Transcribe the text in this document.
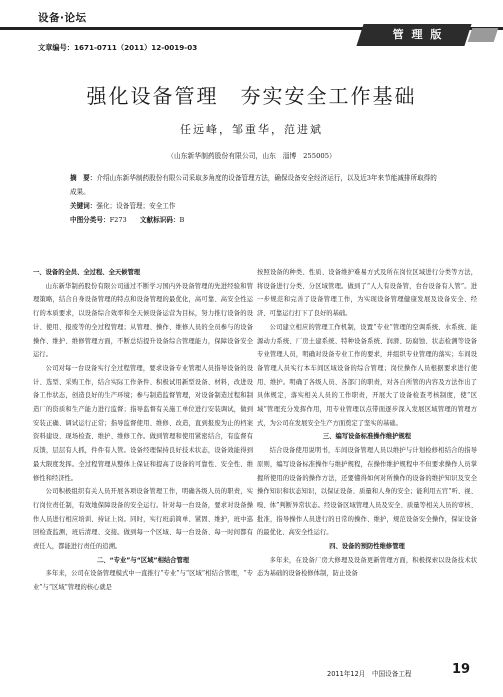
设备·论坛
管 理 版
文章编号：1671-0711（2011）12-0019-03
强化设备管理　夯实安全工作基础
任远峰，邹重华，范进斌
（山东新华制药股份有限公司，山东　淄博　255005）
摘　要：介绍山东新华制药股份有限公司采取多角度的设备管理方法，确保设备安全经济运行，以及近3年来节能减排所取得的成果。
关键词：强化；设备管理；安全工作
中图分类号：F273　　 文献标识码：B

一、设备的全员、全过程、全天候管理

山东新华制药股份有限公司通过不断学习国内外设备管理的先进经验和管理策略，结合自身设备管理的特点和设备管理的最优化，高可靠、高安全性运行的本质要求，以设备综合效率和全天候设备运营为目标，努力推行设备的设计、使用、报废等的全过程管理；从管理、操作、维修人员的全员参与的设备操作、维护、维修管理方面，不断总结提升设备综合管理能力，保障设备安全运行。

公司对每一台设备实行全过程管理，要求设备专业管理人员指导设备的设计、选型、采购工作，结合实际工作条件、积极试用新型设备、材料，改进设备工作状态，创造良好的生产环境；参与制造监督管理，对设备制造过程和制造厂的资质和生产能力进行监督；指导监督有关施工单位进行安装调试，做到安装正确、调试运行正常；指导监督使用、维修、改造，直到报废为止的档案资料建设、现场检查、维护、维修工作。做到管理和使用紧密结合，有监督有反馈，层层有人抓，件件有人管。设备经理保持良好技术状态，设备效能得到最大限度发挥。全过程管理从整体上保证和提高了设备的可靠性、安全性、维修性和经济性。

公司积极组织有关人员开展各项设备管理工作，明确各级人员的职责，实行岗位责任制，有效地保障设备的安全运行。针对每一台设备，要求对设备操作人员进行相应培训、持证上岗。同时，实行班前简单、紧固、维护，班中巡回检查监测，班后清理、交接。做到每一个区域、每一台设备、每一时间都有责任人，都能进行责任的追溯。

二、“专业”与“区域”相结合管理

多年来，公司在设备管理模式中一直推行“专业”与“区域”相结合管理，“专业”与“区域”管理的核心就是

按照设备的种类、性质、设备维护难易方式及所在岗位区域进行分类等方法，将设备进行分类、分区域管理。做到了“人人有设备管，台台设备有人管”。进一步规范和完善了设备管理工作，为实现设备管理健康发展及设备安全、经济、可靠运行打下了良好的基础。

公司建立相应的管理工作机制，设置“专业”管理的空调系统、水系统、能源动力系统、厂房土建系统、特种设备系统、润滑、防腐蚀、状态检测等设备专业管理人员，明确对设备专业工作的要求，并组织专业管理的落实；车间设备管理人员实行本车间区域设备的综合管理；岗位操作人员根据要求进行使用、维护。明确了各级人员、各部门的职责，对各自所管的内容及方法作出了具体规定，落实相关人员的工作职责，开展大了设备检查考核制度，使“区域”管理充分发挥作用，用专业管理以点带面逐步深入发展区域管理的管理方式，为公司在发展安全生产方面奠定了坚实的基础。

三、编写设备标准操作维护规程

结合设备使用说明书，车间设备管理人员以维护与计划检修相结合的指导原则，编写设备标准操作与维护规程，在操作维护规程中不但要求操作人员掌握所使用的设备的操作方法，还要懂得如何对所操作的设备的维护知识及安全操作知识和状态知识，以保证设备、质量和人身的安全；能利用五官“听、视、嗅、体”判断异常状态。经设备区域管理人员及安全、质量等相关人员的审核、批准，指导操作人员进行的日常的操作、维护，规范设备安全操作，保证设备的最优化、高安全性运行。

四、设备的预防性维修管理

多年来，在设备厂房大修理及设备更新管理方面，积极探索以设备技术状态为基础的设备检修体制，防止设备

2011年12月　中国设备工程	19
